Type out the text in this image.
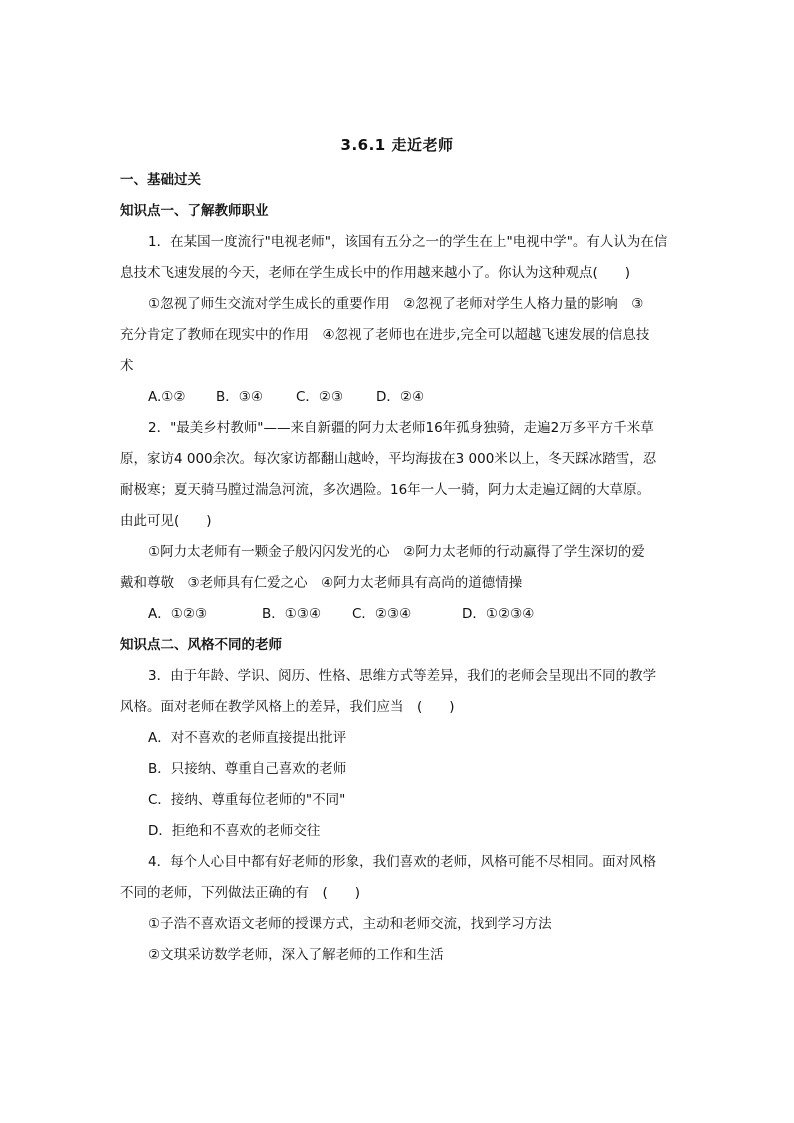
3.6.1 走近老师
一、基础过关
知识点一、了解教师职业
1．在某国一度流行"电视老师"，该国有五分之一的学生在上"电视中学"。有人认为在信
息技术飞速发展的今天，老师在学生成长中的作用越来越小了。你认为这种观点(　　)
①忽视了师生交流对学生成长的重要作用　②忽视了老师对学生人格力量的影响　③
充分肯定了教师在现实中的作用　④忽视了老师也在进步,完全可以超越飞速发展的信息技
术
A.①②	B．③④	C．②③	D．②④
2．"最美乡村教师"——来自新疆的阿力太老师16年孤身独骑，走遍2万多平方千米草
原，家访4 000余次。每次家访都翻山越岭，平均海拔在3 000米以上，冬天踩冰踏雪，忍
耐极寒；夏天骑马膛过湍急河流，多次遇险。16年一人一骑，阿力太走遍辽阔的大草原。
由此可见(　　)
①阿力太老师有一颗金子般闪闪发光的心　②阿力太老师的行动赢得了学生深切的爱
戴和尊敬　③老师具有仁爱之心　④阿力太老师具有高尚的道德情操
A．①②③	B．①③④	C．②③④	D．①②③④
知识点二、风格不同的老师
3．由于年龄、学识、阅历、性格、思维方式等差异，我们的老师会呈现出不同的教学
风格。面对老师在教学风格上的差异，我们应当　(　　)
A．对不喜欢的老师直接提出批评
B．只接纳、尊重自己喜欢的老师
C．接纳、尊重每位老师的"不同"
D．拒绝和不喜欢的老师交往
4．每个人心目中都有好老师的形象，我们喜欢的老师，风格可能不尽相同。面对风格
不同的老师，下列做法正确的有　(　　)
①子浩不喜欢语文老师的授课方式，主动和老师交流，找到学习方法
②文琪采访数学老师，深入了解老师的工作和生活
